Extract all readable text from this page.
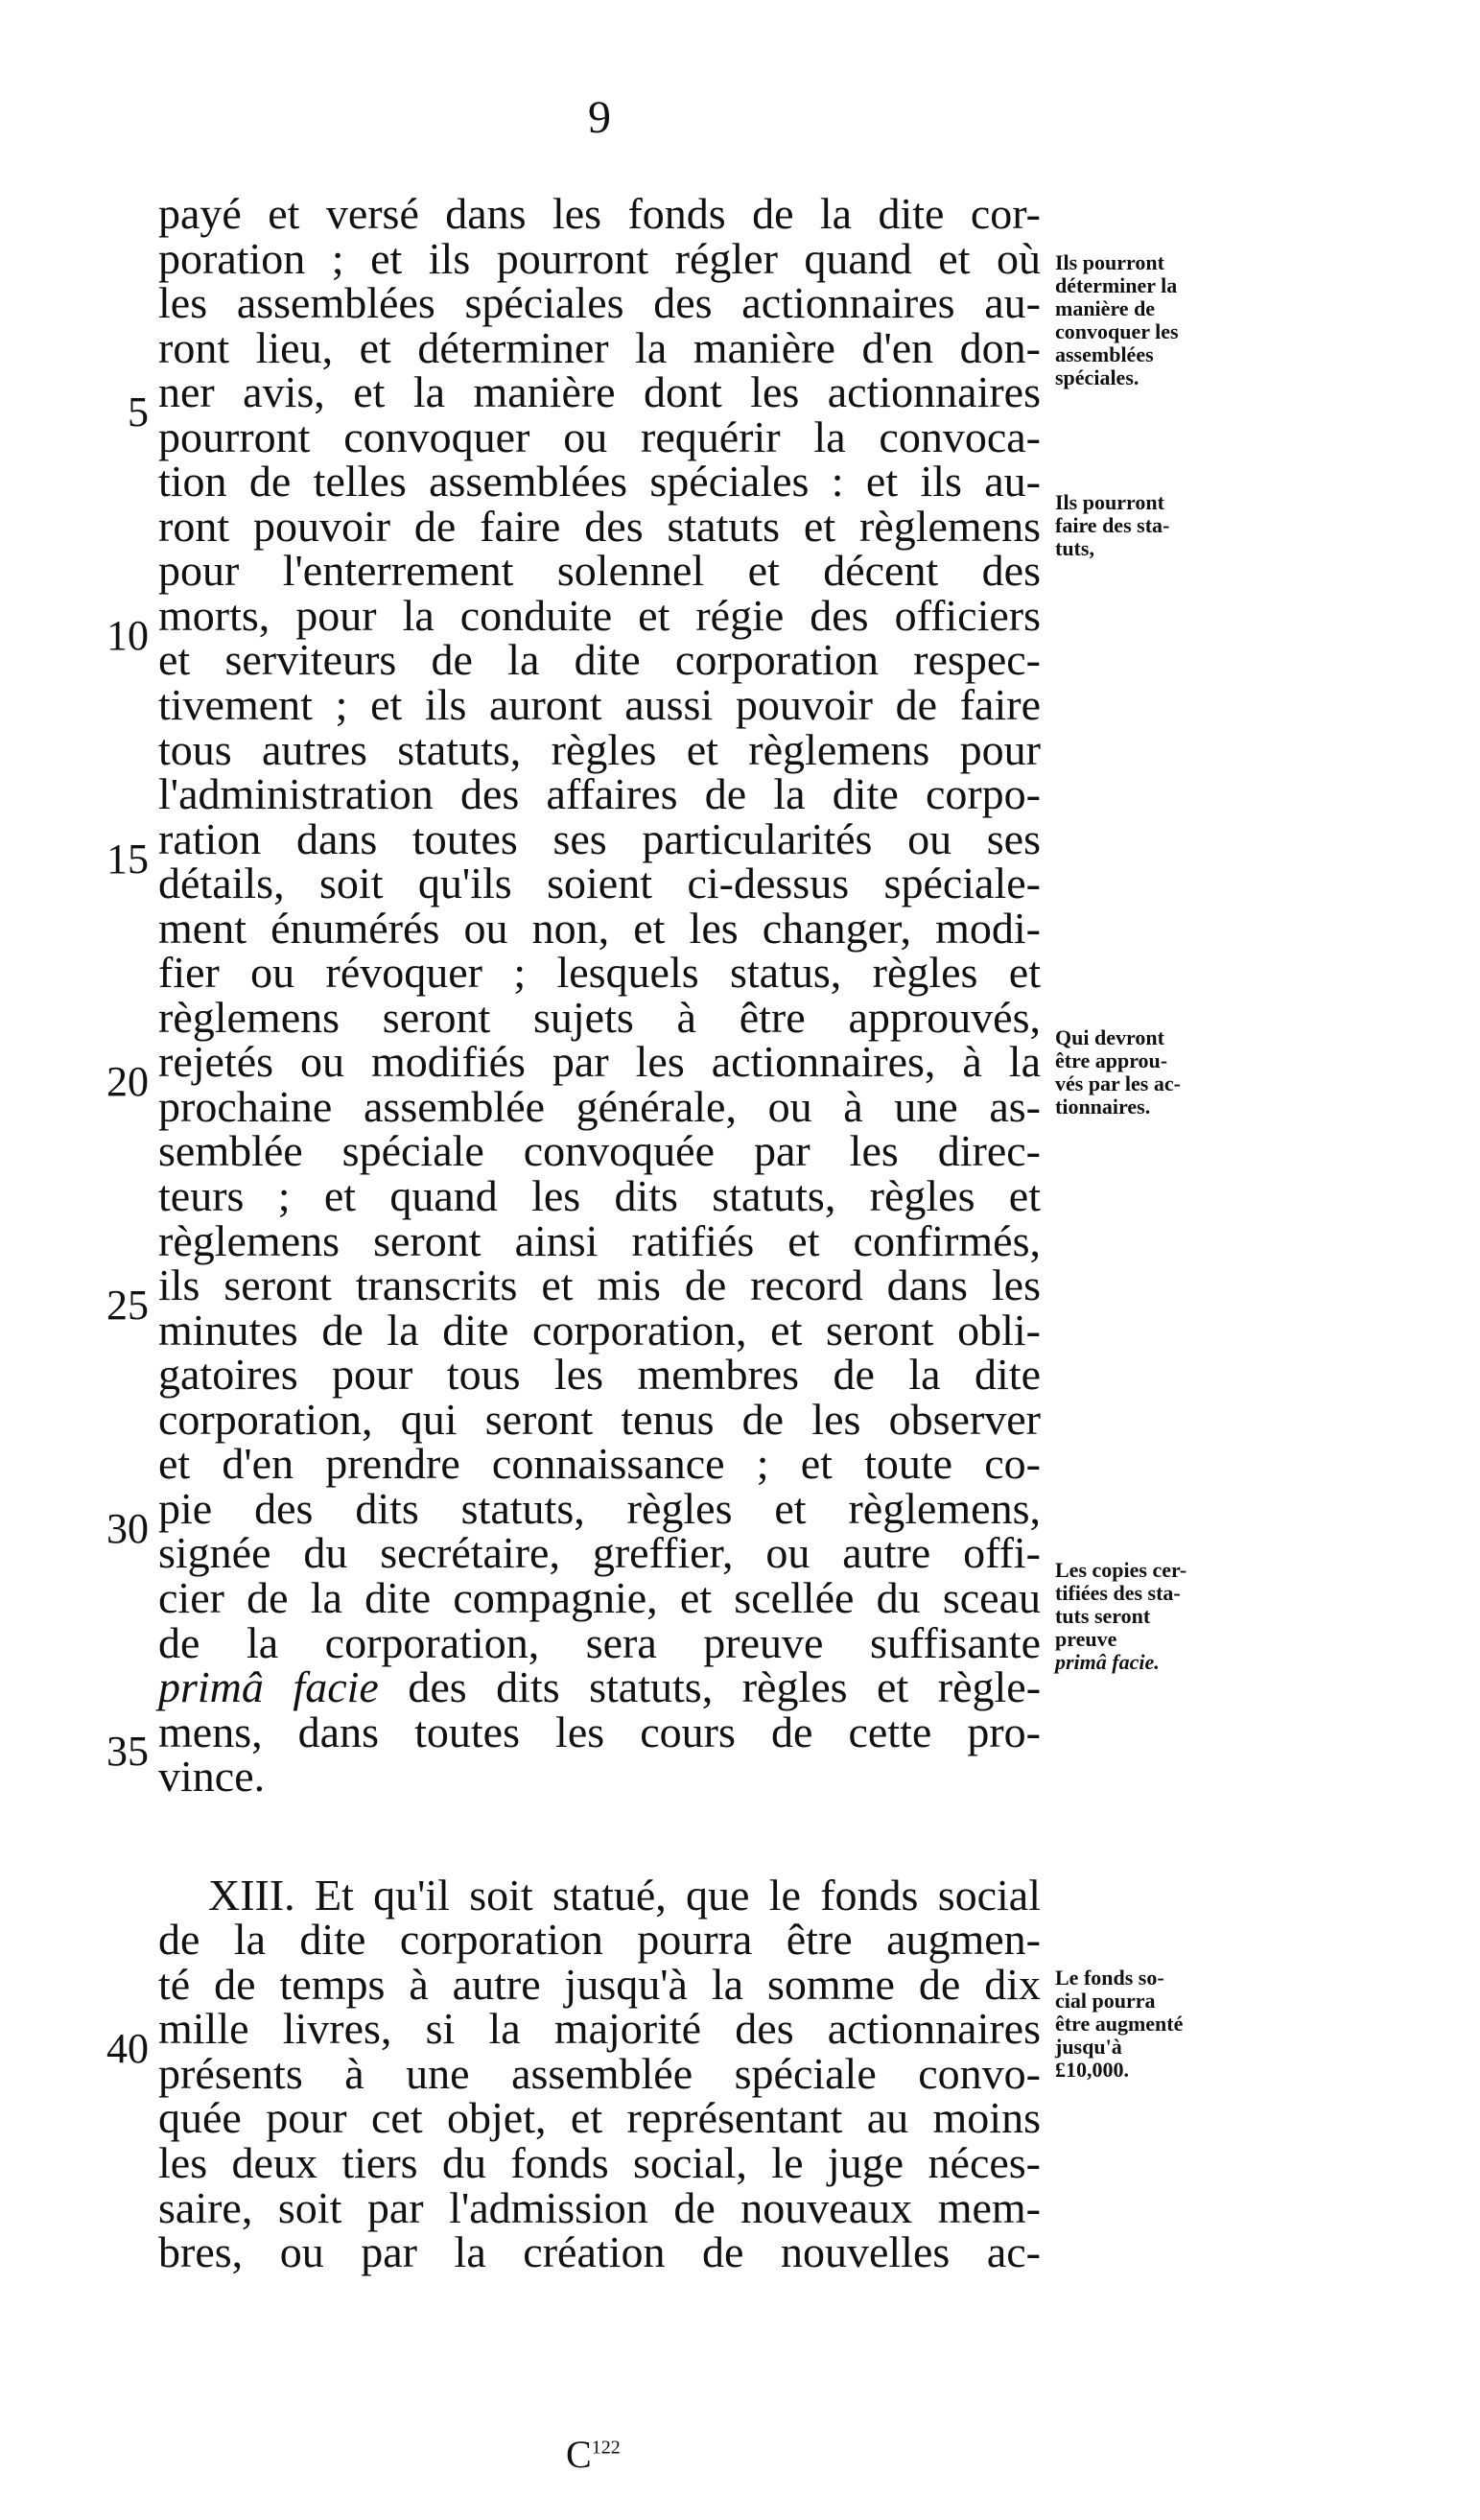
9
payé et versé dans les fonds de la dite cor-
poration ; et ils pourront régler quand et où
les assemblées spéciales des actionnaires au-
ront lieu, et déterminer la manière d'en don-
ner avis, et la manière dont les actionnaires
pourront convoquer ou requérir la convoca-
tion de telles assemblées spéciales : et ils au-
ront pouvoir de faire des statuts et règlemens
pour l'enterrement solennel et décent des
morts, pour la conduite et régie des officiers
et serviteurs de la dite corporation respec-
tivement ; et ils auront aussi pouvoir de faire
tous autres statuts, règles et règlemens pour
l'administration des affaires de la dite corpo-
ration dans toutes ses particularités ou ses
détails, soit qu'ils soient ci-dessus spéciale-
ment énumérés ou non, et les changer, modi-
fier ou révoquer ; lesquels status, règles et
règlemens seront sujets à être approuvés,
rejetés ou modifiés par les actionnaires, à la
prochaine assemblée générale, ou à une as-
semblée spéciale convoquée par les direc-
teurs ; et quand les dits statuts, règles et
règlemens seront ainsi ratifiés et confirmés,
ils seront transcrits et mis de record dans les
minutes de la dite corporation, et seront obli-
gatoires pour tous les membres de la dite
corporation, qui seront tenus de les observer
et d'en prendre connaissance ; et toute co-
pie des dits statuts, règles et règlemens,
signée du secrétaire, greffier, ou autre offi-
cier de la dite compagnie, et scellée du sceau
de la corporation, sera preuve suffisante
primâ facie des dits statuts, règles et règle-
mens, dans toutes les cours de cette pro-
vince.
XIII. Et qu'il soit statué, que le fonds social
de la dite corporation pourra être augmen-
té de temps à autre jusqu'à la somme de dix
mille livres, si la majorité des actionnaires
présents à une assemblée spéciale convo-
quée pour cet objet, et représentant au moins
les deux tiers du fonds social, le juge néces-
saire, soit par l'admission de nouveaux mem-
bres, ou par la création de nouvelles ac-
5
10
15
20
25
30
35
40
Ils pourront
déterminer la
manière de
convoquer les
assemblées
spéciales.
Ils pourront
faire des sta-
tuts,
Qui devront
être approu-
vés par les ac-
tionnaires.
Les copies cer-
tifiées des sta-
tuts seront
preuve
primâ facie.
Le fonds so-
cial pourra
être augmenté
jusqu'à
£10,000.
$C^{122}$
